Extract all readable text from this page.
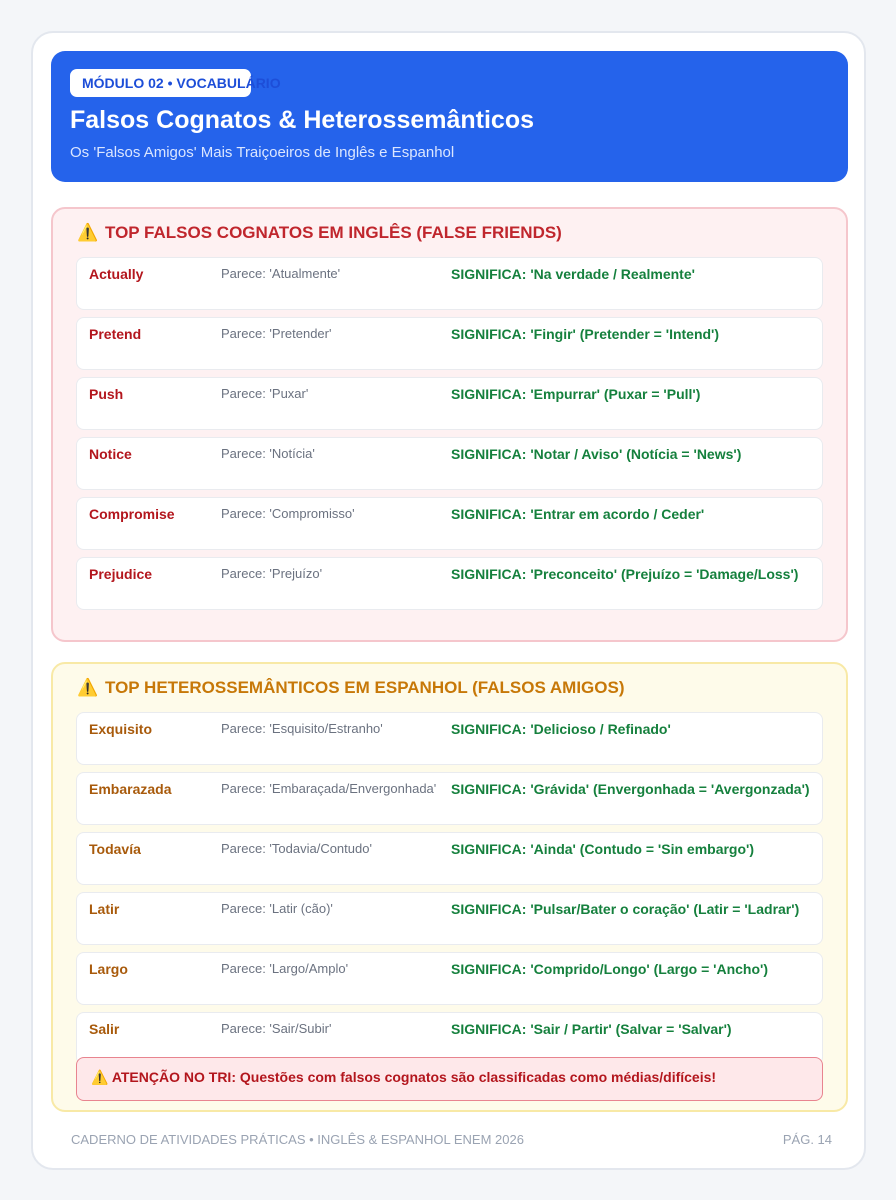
MÓDULO 02 • VOCABULÁRIO
Falsos Cognatos & Heterossemânticos
Os 'Falsos Amigos' Mais Traiçoeiros de Inglês e Espanhol
⚠️ TOP FALSOS COGNATOS EM INGLÊS (FALSE FRIENDS)
Actually	Parece: 'Atualmente'	SIGNIFICA: 'Na verdade / Realmente'
Pretend	Parece: 'Pretender'	SIGNIFICA: 'Fingir' (Pretender = 'Intend')
Push	Parece: 'Puxar'	SIGNIFICA: 'Empurrar' (Puxar = 'Pull')
Notice	Parece: 'Notícia'	SIGNIFICA: 'Notar / Aviso' (Notícia = 'News')
Compromise	Parece: 'Compromisso'	SIGNIFICA: 'Entrar em acordo / Ceder'
Prejudice	Parece: 'Prejuízo'	SIGNIFICA: 'Preconceito' (Prejuízo = 'Damage/Loss')
⚠️ TOP HETEROSSEMÂNTICOS EM ESPANHOL (FALSOS AMIGOS)
Exquisito	Parece: 'Esquisito/Estranho'	SIGNIFICA: 'Delicioso / Refinado'
Embarazada	Parece: 'Embaraçada/Envergonhada' SIGNIFICA: 'Grávida' (Envergonhada = 'Avergonzada')
Todavía	Parece: 'Todavia/Contudo'	SIGNIFICA: 'Ainda' (Contudo = 'Sin embargo')
Latir	Parece: 'Latir (cão)'	SIGNIFICA: 'Pulsar/Bater o coração' (Latir = 'Ladrar')
Largo	Parece: 'Largo/Amplo'	SIGNIFICA: 'Comprido/Longo' (Largo = 'Ancho')
Salir	Parece: 'Sair/Subir'	SIGNIFICA: 'Sair / Partir' (Salvar = 'Salvar')
⚠️ ATENÇÃO NO TRI: Questões com falsos cognatos são classificadas como médias/difíceis!
CADERNO DE ATIVIDADES PRÁTICAS • INGLÊS & ESPANHOL ENEM 2026	PÁG. 14
